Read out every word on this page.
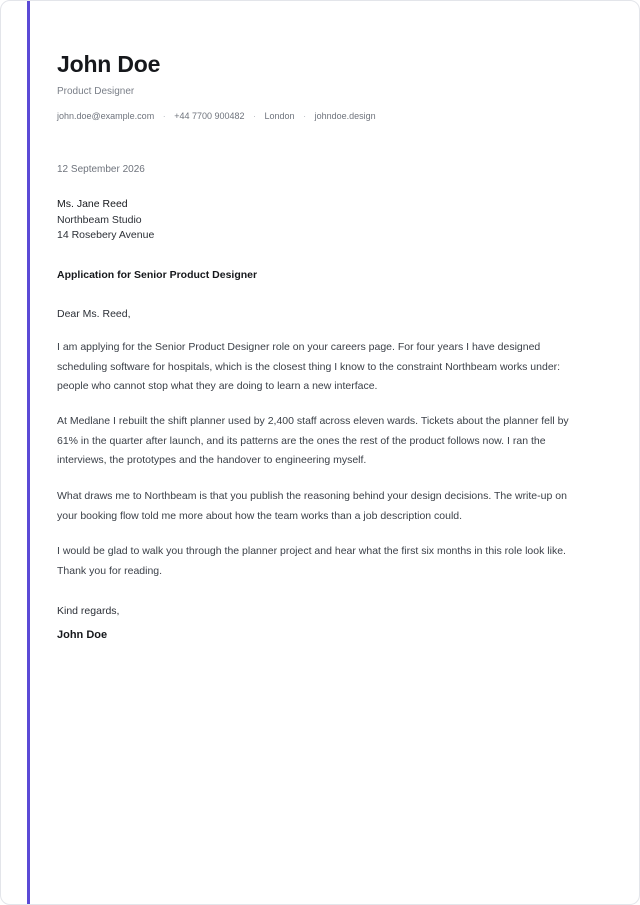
John Doe
Product Designer
john.doe@example.com · +44 7700 900482 · London · johndoe.design
12 September 2026
Ms. Jane Reed
Northbeam Studio
14 Rosebery Avenue
Application for Senior Product Designer
Dear Ms. Reed,

I am applying for the Senior Product Designer role on your careers page. For four years I have designed scheduling software for hospitals, which is the closest thing I know to the constraint Northbeam works under: people who cannot stop what they are doing to learn a new interface.

At Medlane I rebuilt the shift planner used by 2,400 staff across eleven wards. Tickets about the planner fell by 61% in the quarter after launch, and its patterns are the ones the rest of the product follows now. I ran the interviews, the prototypes and the handover to engineering myself.

What draws me to Northbeam is that you publish the reasoning behind your design decisions. The write-up on your booking flow told me more about how the team works than a job description could.

I would be glad to walk you through the planner project and hear what the first six months in this role look like. Thank you for reading.

Kind regards,
John Doe
